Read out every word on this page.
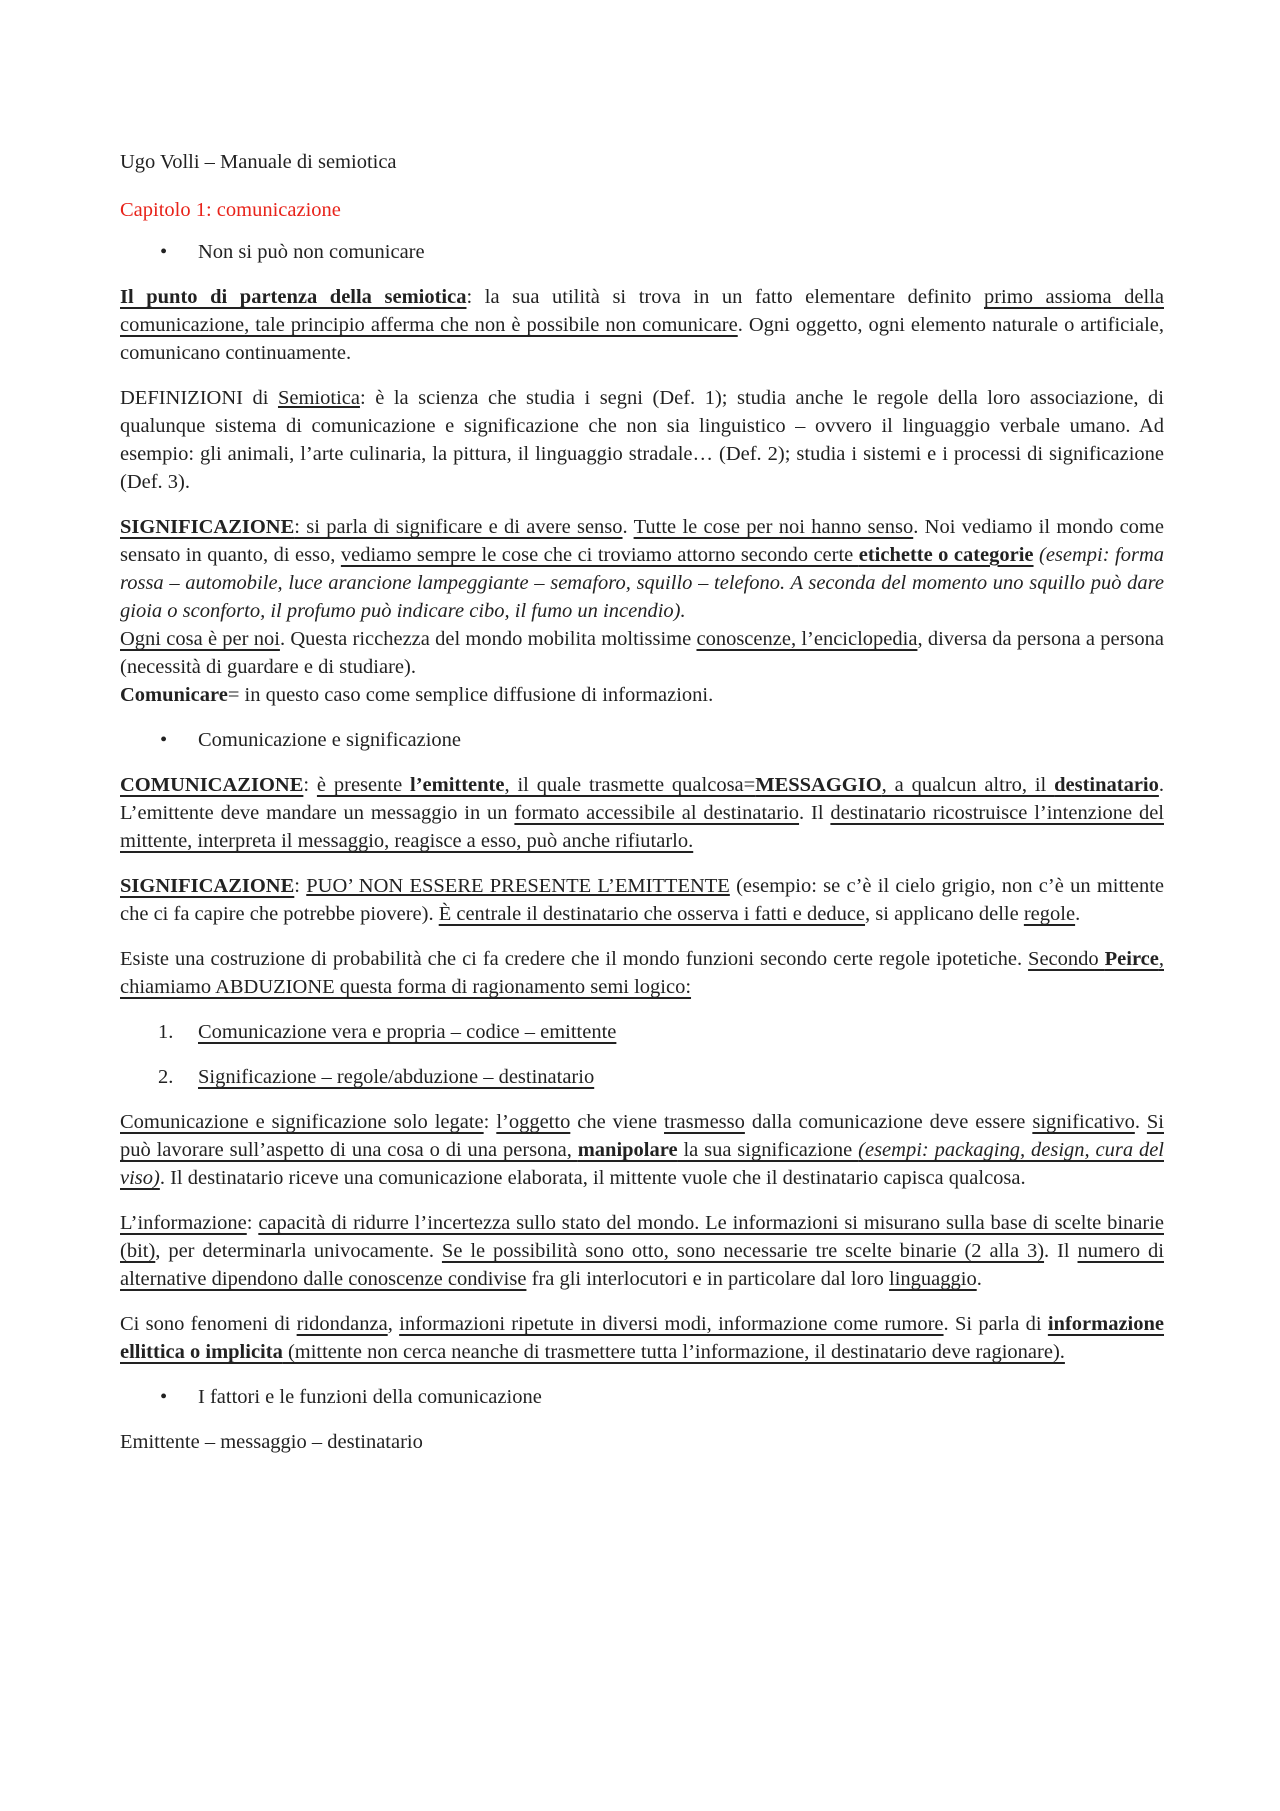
Ugo Volli – Manuale di semiotica

Capitolo 1: comunicazione

• Non si può non comunicare

Il punto di partenza della semiotica: la sua utilità si trova in un fatto elementare definito primo assioma della comunicazione, tale principio afferma che non è possibile non comunicare. Ogni oggetto, ogni elemento naturale o artificiale, comunicano continuamente.

DEFINIZIONI di Semiotica: è la scienza che studia i segni (Def. 1); studia anche le regole della loro associazione, di qualunque sistema di comunicazione e significazione che non sia linguistico – ovvero il linguaggio verbale umano. Ad esempio: gli animali, l’arte culinaria, la pittura, il linguaggio stradale… (Def. 2); studia i sistemi e i processi di significazione (Def. 3).

SIGNIFICAZIONE: si parla di significare e di avere senso. Tutte le cose per noi hanno senso. Noi vediamo il mondo come sensato in quanto, di esso, vediamo sempre le cose che ci troviamo attorno secondo certe etichette o categorie (esempi: forma rossa – automobile, luce arancione lampeggiante – semaforo, squillo – telefono. A seconda del momento uno squillo può dare gioia o sconforto, il profumo può indicare cibo, il fumo un incendio).
Ogni cosa è per noi. Questa ricchezza del mondo mobilita moltissime conoscenze, l’enciclopedia, diversa da persona a persona (necessità di guardare e di studiare).
Comunicare= in questo caso come semplice diffusione di informazioni.

• Comunicazione e significazione

COMUNICAZIONE: è presente l’emittente, il quale trasmette qualcosa=MESSAGGIO, a qualcun altro, il destinatario. L’emittente deve mandare un messaggio in un formato accessibile al destinatario. Il destinatario ricostruisce l’intenzione del mittente, interpreta il messaggio, reagisce a esso, può anche rifiutarlo.

SIGNIFICAZIONE: PUO’ NON ESSERE PRESENTE L’EMITTENTE (esempio: se c’è il cielo grigio, non c’è un mittente che ci fa capire che potrebbe piovere). È centrale il destinatario che osserva i fatti e deduce, si applicano delle regole.

Esiste una costruzione di probabilità che ci fa credere che il mondo funzioni secondo certe regole ipotetiche. Secondo Peirce, chiamiamo ABDUZIONE questa forma di ragionamento semi logico:

1. Comunicazione vera e propria – codice – emittente
2. Significazione – regole/abduzione – destinatario

Comunicazione e significazione solo legate: l’oggetto che viene trasmesso dalla comunicazione deve essere significativo. Si può lavorare sull’aspetto di una cosa o di una persona, manipolare la sua significazione (esempi: packaging, design, cura del viso). Il destinatario riceve una comunicazione elaborata, il mittente vuole che il destinatario capisca qualcosa.

L’informazione: capacità di ridurre l’incertezza sullo stato del mondo. Le informazioni si misurano sulla base di scelte binarie (bit), per determinarla univocamente. Se le possibilità sono otto, sono necessarie tre scelte binarie (2 alla 3). Il numero di alternative dipendono dalle conoscenze condivise fra gli interlocutori e in particolare dal loro linguaggio.

Ci sono fenomeni di ridondanza, informazioni ripetute in diversi modi, informazione come rumore. Si parla di informazione ellittica o implicita (mittente non cerca neanche di trasmettere tutta l’informazione, il destinatario deve ragionare).

• I fattori e le funzioni della comunicazione

Emittente – messaggio – destinatario
